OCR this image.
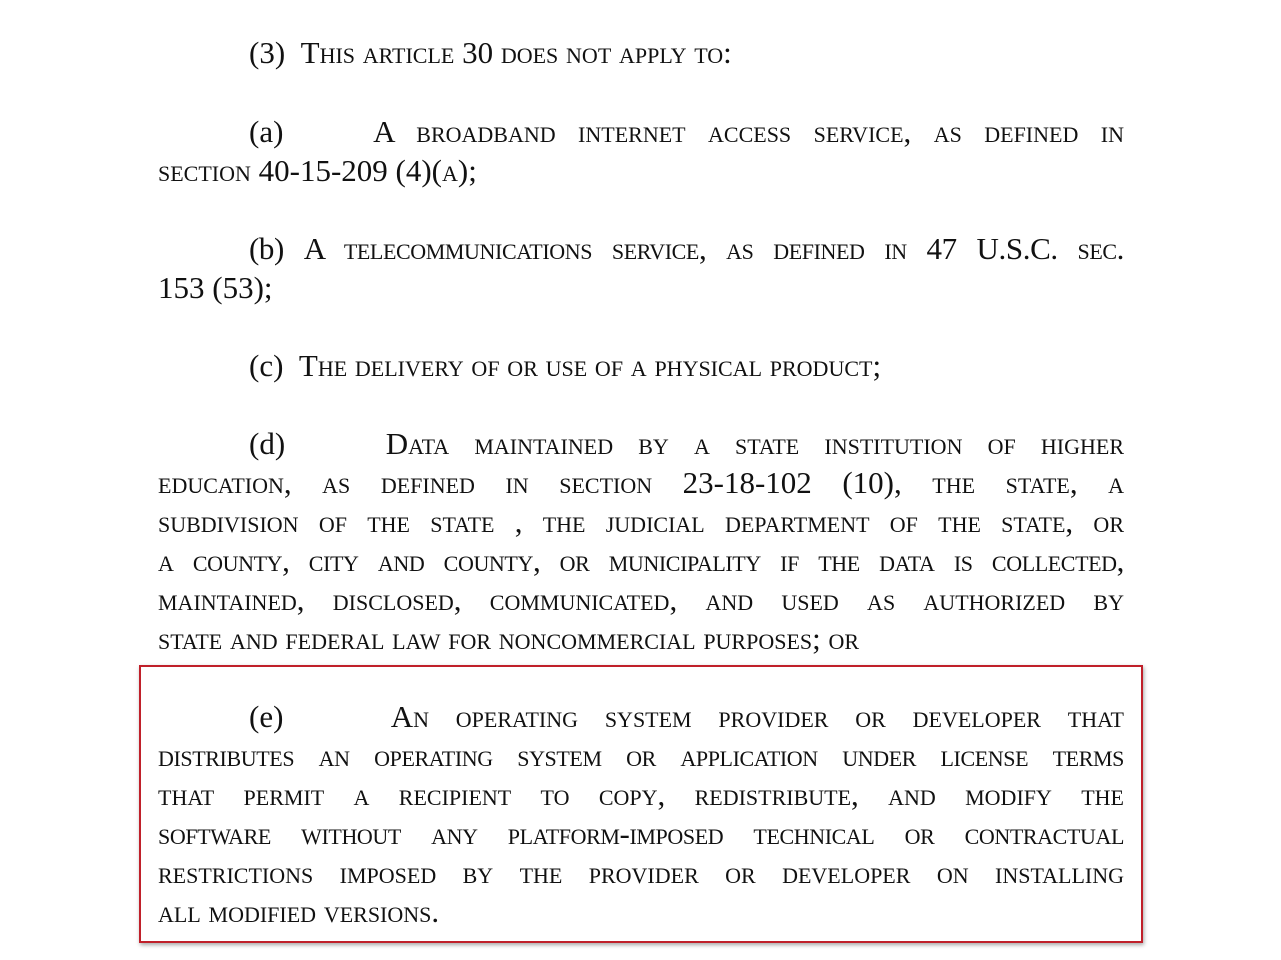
(3) This article 30 does not apply to:
(a)	A broadband internet access service, as defined in
section 40-15-209 (4)(a);
(b) A telecommunications service, as defined in 47 U.S.C. sec.
153 (53);
(c) The delivery of or use of a physical product;
(d)	Data maintained by a state institution of higher
education, as defined in section 23-18-102 (10), the state, a
subdivision of the state , the judicial department of the state, or
a county, city and county, or municipality if the data is collected,
maintained, disclosed, communicated, and used as authorized by
state and federal law for noncommercial purposes; or
(e)	An operating system provider or developer that
distributes an operating system or application under license terms
that permit a recipient to copy, redistribute, and modify the
software without any platform-imposed technical or contractual
restrictions imposed by the provider or developer on installing
all modified versions.
